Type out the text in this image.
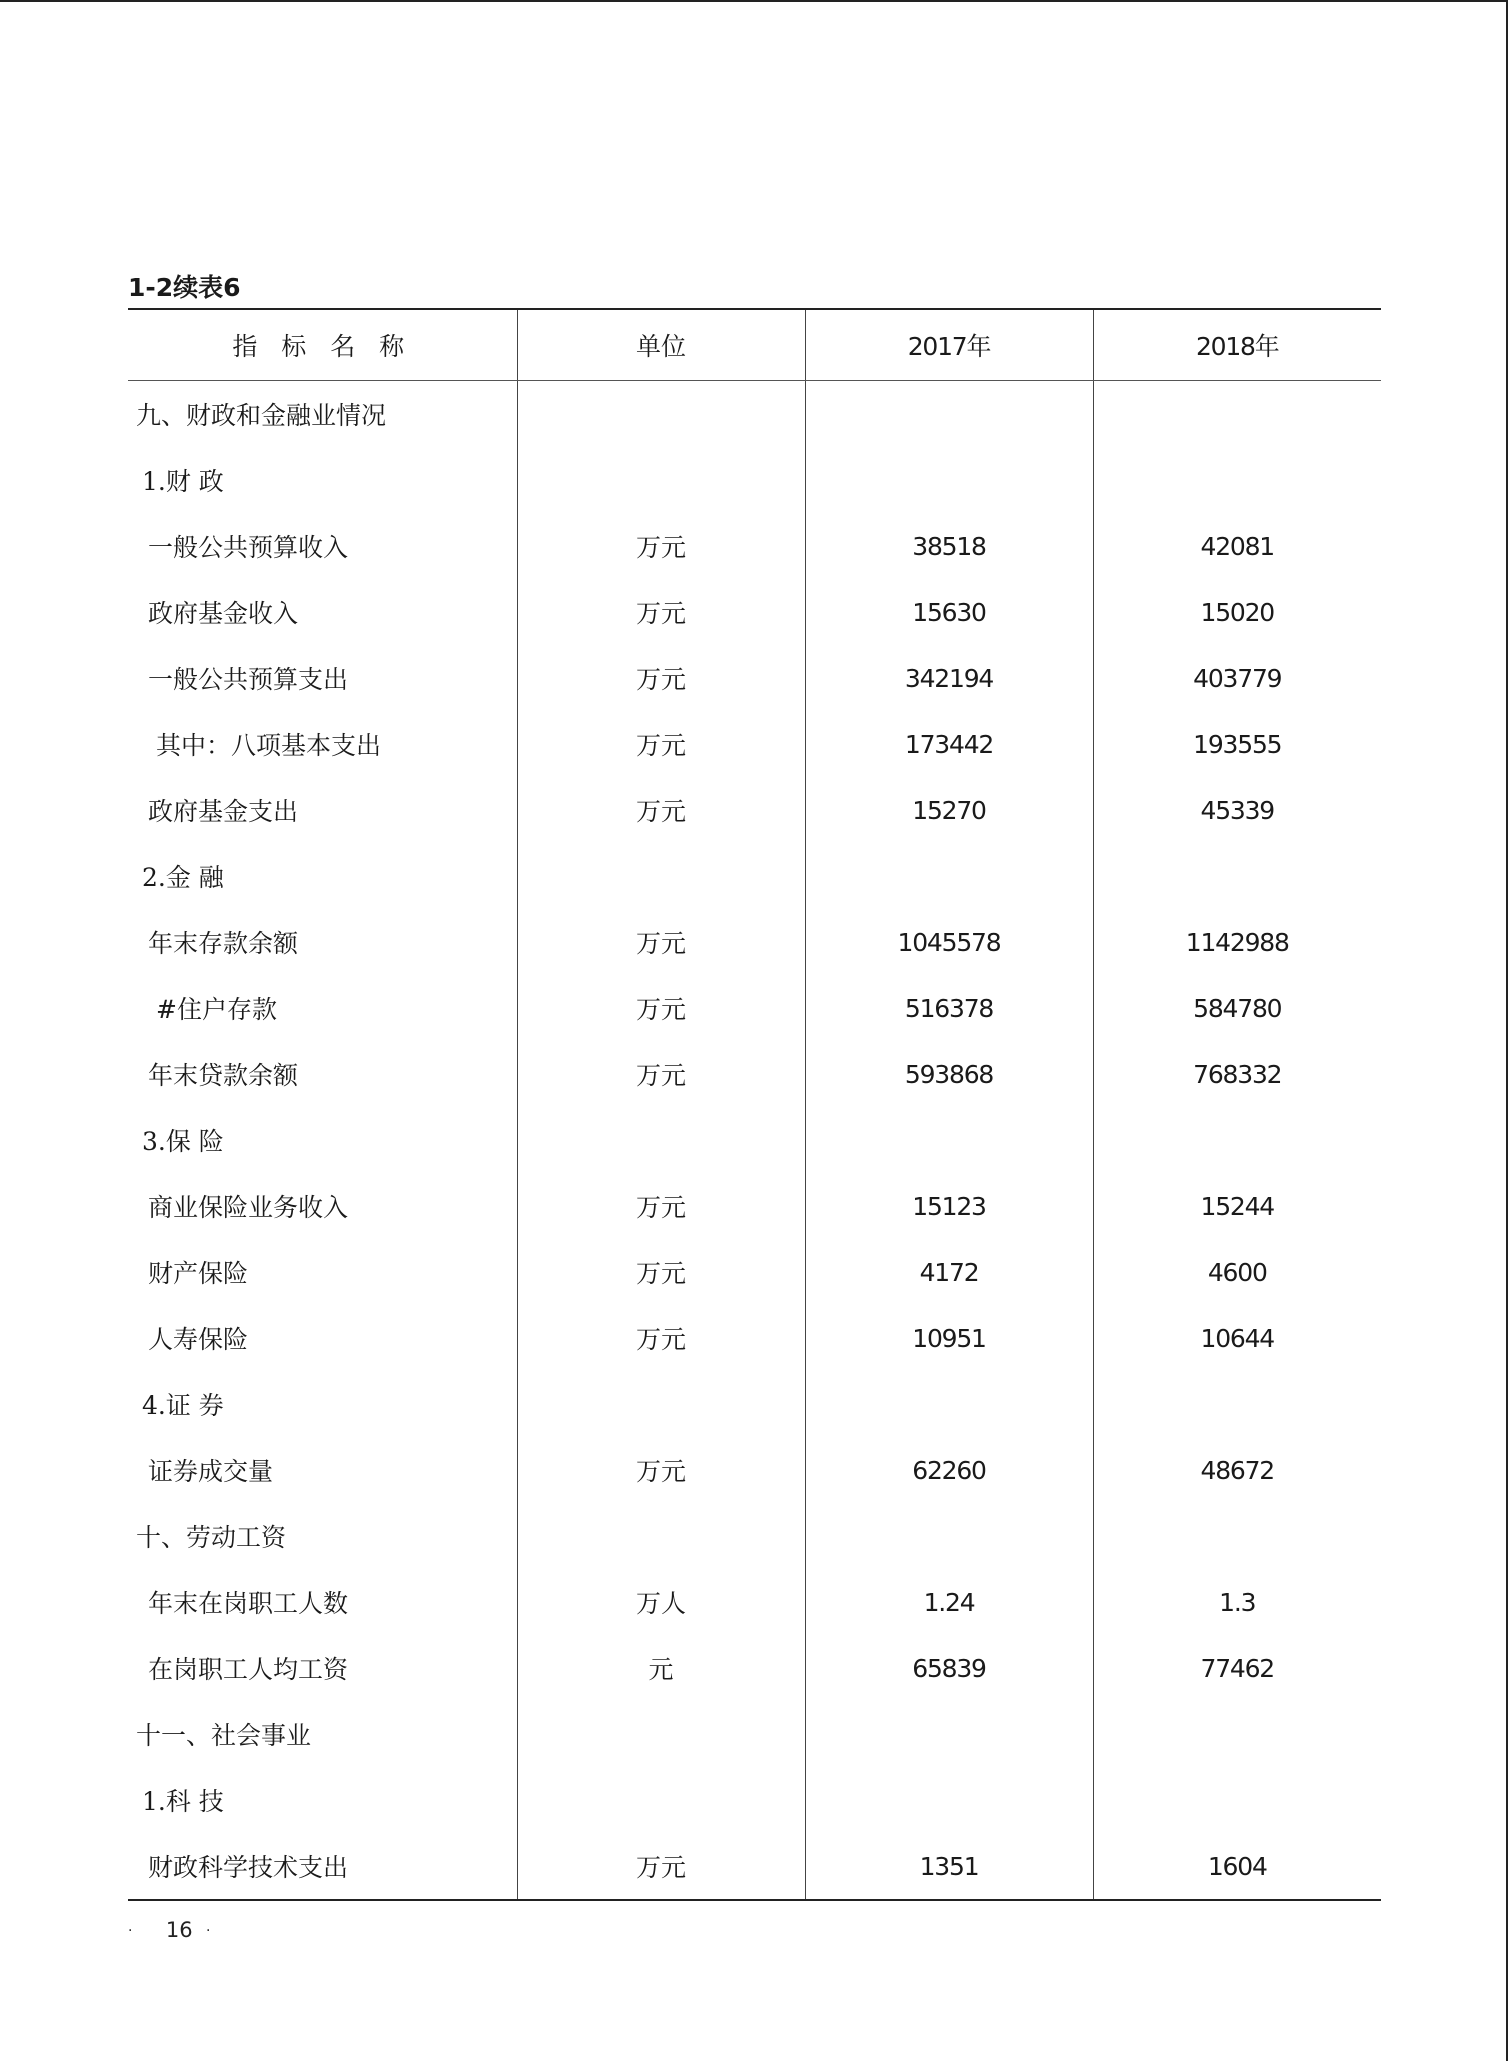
1-2续表6
指 标 名 称	单位	2017年	2018年
九、财政和金融业情况			
1.财 政			
一般公共预算收入	万元	38518	42081
政府基金收入	万元	15630	15020
一般公共预算支出	万元	342194	403779
其中：八项基本支出	万元	173442	193555
政府基金支出	万元	15270	45339
2.金 融			
年末存款余额	万元	1045578	1142988
#住户存款	万元	516378	584780
年末贷款余额	万元	593868	768332
3.保 险			
商业保险业务收入	万元	15123	15244
财产保险	万元	4172	4600
人寿保险	万元	10951	10644
4.证 券			
证券成交量	万元	62260	48672
十、劳动工资			
年末在岗职工人数	万人	1.24	1.3
在岗职工人均工资	元	65839	77462
十一、社会事业			
1.科 技			
财政科学技术支出	万元	1351	1604
· 16 ·
